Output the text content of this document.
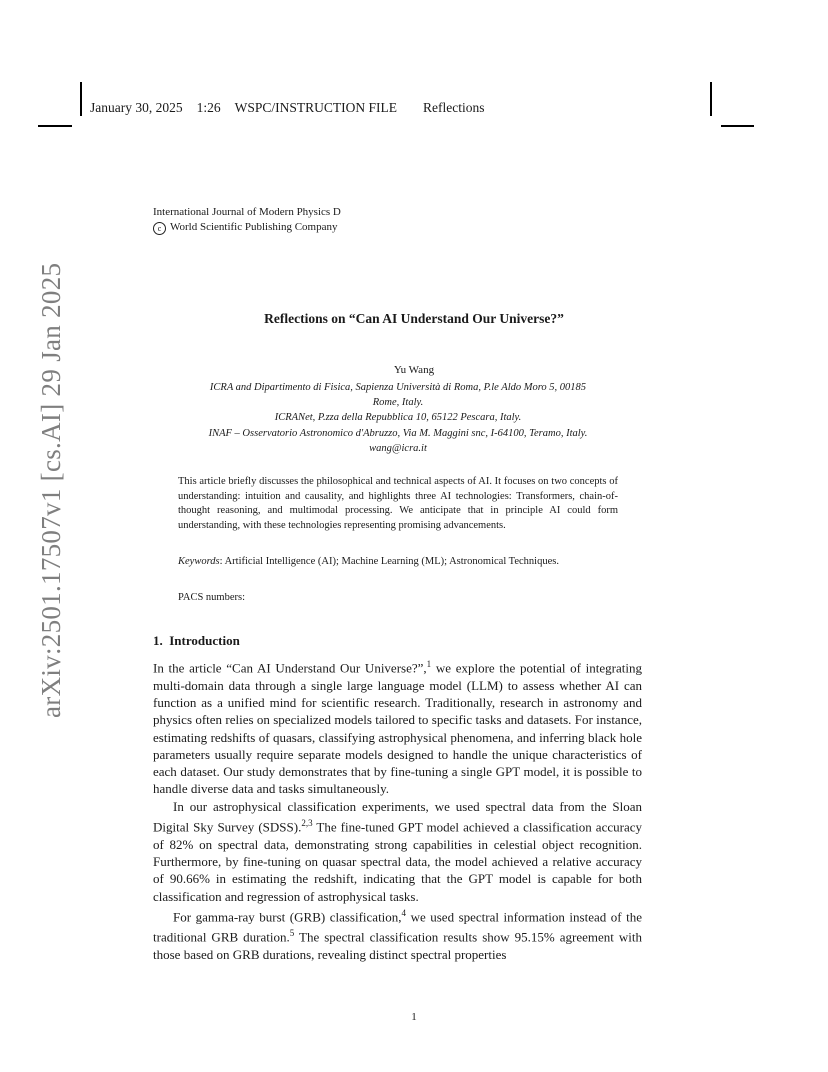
January 30, 2025 1:26 WSPC/INSTRUCTION FILE Reflections
International Journal of Modern Physics D
c World Scientific Publishing Company
arXiv:2501.17507v1 [cs.AI] 29 Jan 2025	Reflections on “Can AI Understand Our Universe?”
Yu Wang
ICRA and Dipartimento di Fisica, Sapienza Università di Roma, P.le Aldo Moro 5, 00185
Rome, Italy.
ICRANet, P.zza della Repubblica 10, 65122 Pescara, Italy.
INAF – Osservatorio Astronomico d'Abruzzo, Via M. Maggini snc, I-64100, Teramo, Italy.
wang@icra.it
This article briefly discusses the philosophical and technical aspects of AI. It focuses on two concepts of understanding: intuition and causality, and highlights three AI technologies: Transformers, chain-of-thought reasoning, and multimodal processing. We anticipate that in principle AI could form understanding, with these technologies representing promising advancements.
Keywords: Artificial Intelligence (AI); Machine Learning (ML); Astronomical Techniques.
PACS numbers:
1. Introduction

In the article “Can AI Understand Our Universe?”,$^1$ we explore the potential of integrating multi-domain data through a single large language model (LLM) to assess whether AI can function as a unified mind for scientific research. Traditionally, research in astronomy and physics often relies on specialized models tailored to specific tasks and datasets. For instance, estimating redshifts of quasars, classifying astrophysical phenomena, and inferring black hole parameters usually require separate models designed to handle the unique characteristics of each dataset. Our study demonstrates that by fine-tuning a single GPT model, it is possible to handle diverse data and tasks simultaneously.

In our astrophysical classification experiments, we used spectral data from the Sloan Digital Sky Survey (SDSS).$^{2,3}$ The fine-tuned GPT model achieved a classification accuracy of 82% on spectral data, demonstrating strong capabilities in celestial object recognition. Furthermore, by fine-tuning on quasar spectral data, the model achieved a relative accuracy of 90.66% in estimating the redshift, indicating that the GPT model is capable for both classification and regression of astrophysical tasks.

For gamma-ray burst (GRB) classification,$^4$ we used spectral information instead of the traditional GRB duration.$^5$ The spectral classification results show 95.15% agreement with those based on GRB durations, revealing distinct spectral properties

1
